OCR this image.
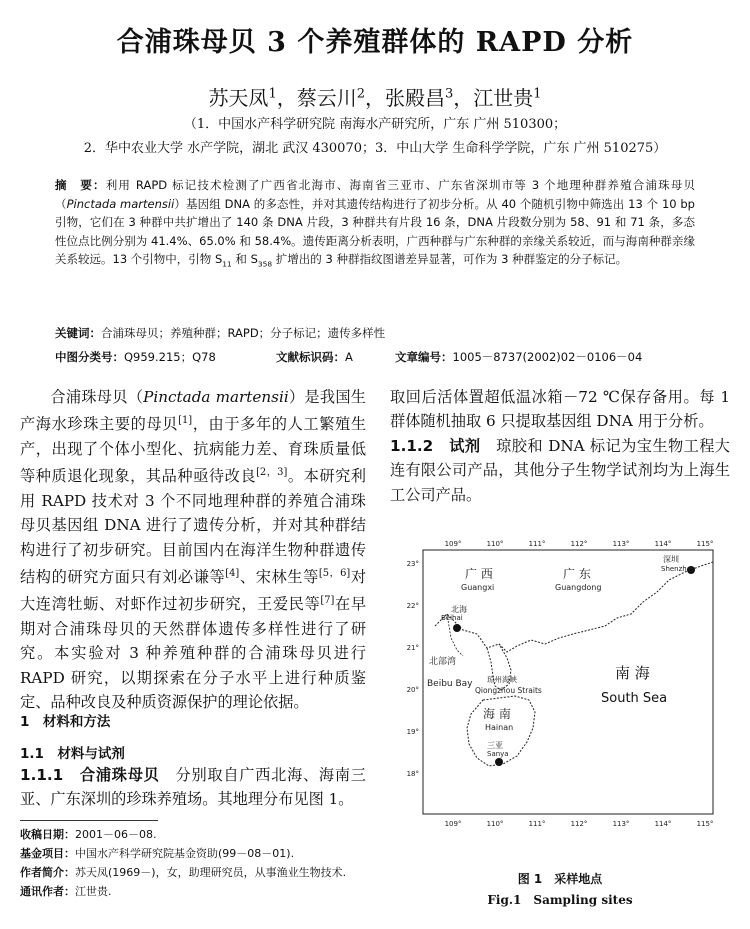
合浦珠母贝 3 个养殖群体的 RAPD 分析
苏天凤$^1$，蔡云川$^2$，张殿昌$^3$，江世贵$^1$
（1．中国水产科学研究院 南海水产研究所，广东 广州 510300；
2．华中农业大学 水产学院，湖北 武汉 430070；3．中山大学 生命科学学院，广东 广州 510275）
摘　要：利用 RAPD 标记技术检测了广西省北海市、海南省三亚市、广东省深圳市等 3 个地理种群养殖合浦珠母贝（Pinctada martensii）基因组 DNA 的多态性，并对其遗传结构进行了初步分析。从 40 个随机引物中筛选出 13 个 10 bp 引物，它们在 3 种群中共扩增出了 140 条 DNA 片段，3 种群共有片段 16 条，DNA 片段数分别为 58、91 和 71 条，多态性位点比例分别为 41.4%、65.0% 和 58.4%。遗传距离分析表明，广西种群与广东种群的亲缘关系较近，而与海南种群亲缘关系较远。13 个引物中，引物 $S_{11}$ 和 $S_{358}$ 扩增出的 3 种群指纹图谱差异显著，可作为 3 种群鉴定的分子标记。
关键词：合浦珠母贝；养殖种群；RAPD；分子标记；遗传多样性
中图分类号：Q959.215；Q78	文献标识码：A	文章编号：1005－8737(2002)02－0106－04
合浦珠母贝（Pinctada martensii）是我国生产海水珍珠主要的母贝[1]，由于多年的人工繁殖生产，出现了个体小型化、抗病能力差、育珠质量低等种质退化现象，其品种亟待改良[2，3]。本研究利用 RAPD 技术对 3 个不同地理种群的养殖合浦珠母贝基因组 DNA 进行了遗传分析，并对其种群结构进行了初步研究。目前国内在海洋生物种群遗传结构的研究方面只有刘必谦等[4]、宋林生等[5，6]对大连湾牡蛎、对虾作过初步研究，王爱民等[7]在早期对合浦珠母贝的天然群体遗传多样性进行了研究。本实验对 3 种养殖种群的合浦珠母贝进行 RAPD 研究，以期探索在分子水平上进行种质鉴定、品种改良及种质资源保护的理论依据。
1　材料和方法
1.1　材料与试剂
1.1.1　合浦珠母贝　分别取自广西北海、海南三亚、广东深圳的珍珠养殖场。其地理分布见图 1。
收稿日期：2001－06－08.
基金项目：中国水产科学研究院基金资助(99－08－01).
作者简介：苏天凤(1969－)，女，助理研究员，从事渔业生物技术.
通讯作者：江世贵.
取回后活体置超低温冰箱－72 ℃保存备用。每 1 群体随机抽取 6 只提取基因组 DNA 用于分析。
1.1.2　试剂　琼胶和 DNA 标记为宝生物工程大连有限公司产品，其他分子生物学试剂均为上海生工公司产品。
109°	110°	111°	112°	113°	114°	115°
109°	110°	111°	112°	113°	114°	115°
23°
22°
21°
20°
19°
18°
广 西
Guangxi
广 东
Guangdong
北海
Beihai
深圳
Shenzhen
北部湾
Beibu Bay 琼州海峡
Qiongzhou Straits
海 南
Hainan
三亚
Sanya
南 海
South Sea
图 1　采样地点
Fig.1　Sampling sites
